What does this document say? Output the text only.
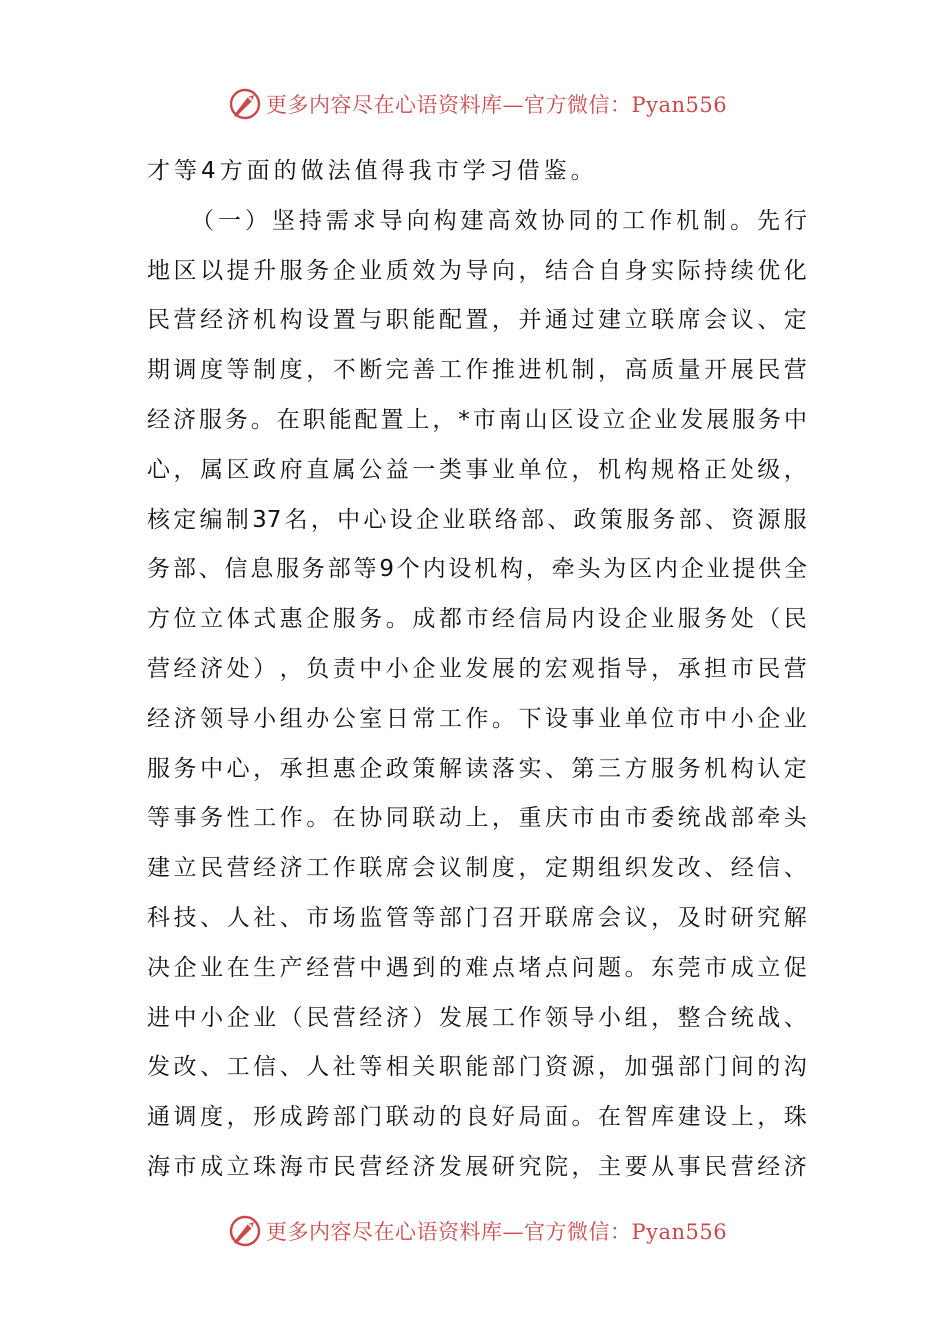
更多内容尽在心语资料库—官方微信：Pyan556
才等4方面的做法值得我市学习借鉴。
（ 一 ） 坚 持 需 求 导 向 构 建 高 效 协 同 的 工 作 机 制 。 先 行
地 区 以 提 升 服 务 企 业 质 效 为 导 向 ， 结 合 自 身 实 际 持 续 优 化
民 营 经 济 机 构 设 置 与 职 能 配 置 ， 并 通 过 建 立 联 席 会 议 、 定
期 调 度 等 制 度 ， 不 断 完 善 工 作 推 进 机 制 ， 高 质 量 开 展 民 营
经 济 服 务 。 在 职 能 配 置 上 ， * 市 南 山 区 设 立 企 业 发 展 服 务 中
心 ， 属 区 政 府 直 属 公 益 一 类 事 业 单 位 ， 机 构 规 格 正 处 级 ，
核 定 编 制 37 名 ， 中 心 设 企 业 联 络 部 、 政 策 服 务 部 、 资 源 服
务 部 、 信 息 服 务 部 等 9 个 内 设 机 构 ， 牵 头 为 区 内 企 业 提 供 全
方 位 立 体 式 惠 企 服 务 。 成 都 市 经 信 局 内 设 企 业 服 务 处 （ 民
营 经 济 处 ） ， 负 责 中 小 企 业 发 展 的 宏 观 指 导 ， 承 担 市 民 营
经 济 领 导 小 组 办 公 室 日 常 工 作 。 下 设 事 业 单 位 市 中 小 企 业
服 务 中 心 ， 承 担 惠 企 政 策 解 读 落 实 、 第 三 方 服 务 机 构 认 定
等 事 务 性 工 作 。 在 协 同 联 动 上 ， 重 庆 市 由 市 委 统 战 部 牵 头
建 立 民 营 经 济 工 作 联 席 会 议 制 度 ， 定 期 组 织 发 改 、 经 信 、
科 技 、 人 社 、 市 场 监 管 等 部 门 召 开 联 席 会 议 ， 及 时 研 究 解
决 企 业 在 生 产 经 营 中 遇 到 的 难 点 堵 点 问 题 。 东 莞 市 成 立 促
进 中 小 企 业 （ 民 营 经 济 ） 发 展 工 作 领 导 小 组 ， 整 合 统 战 、
发 改 、 工 信 、 人 社 等 相 关 职 能 部 门 资 源 ， 加 强 部 门 间 的 沟
通 调 度 ， 形 成 跨 部 门 联 动 的 良 好 局 面 。 在 智 库 建 设 上 ， 珠
海 市 成 立 珠 海 市 民 营 经 济 发 展 研 究 院 ， 主 要 从 事 民 营 经 济
更多内容尽在心语资料库—官方微信：Pyan556
